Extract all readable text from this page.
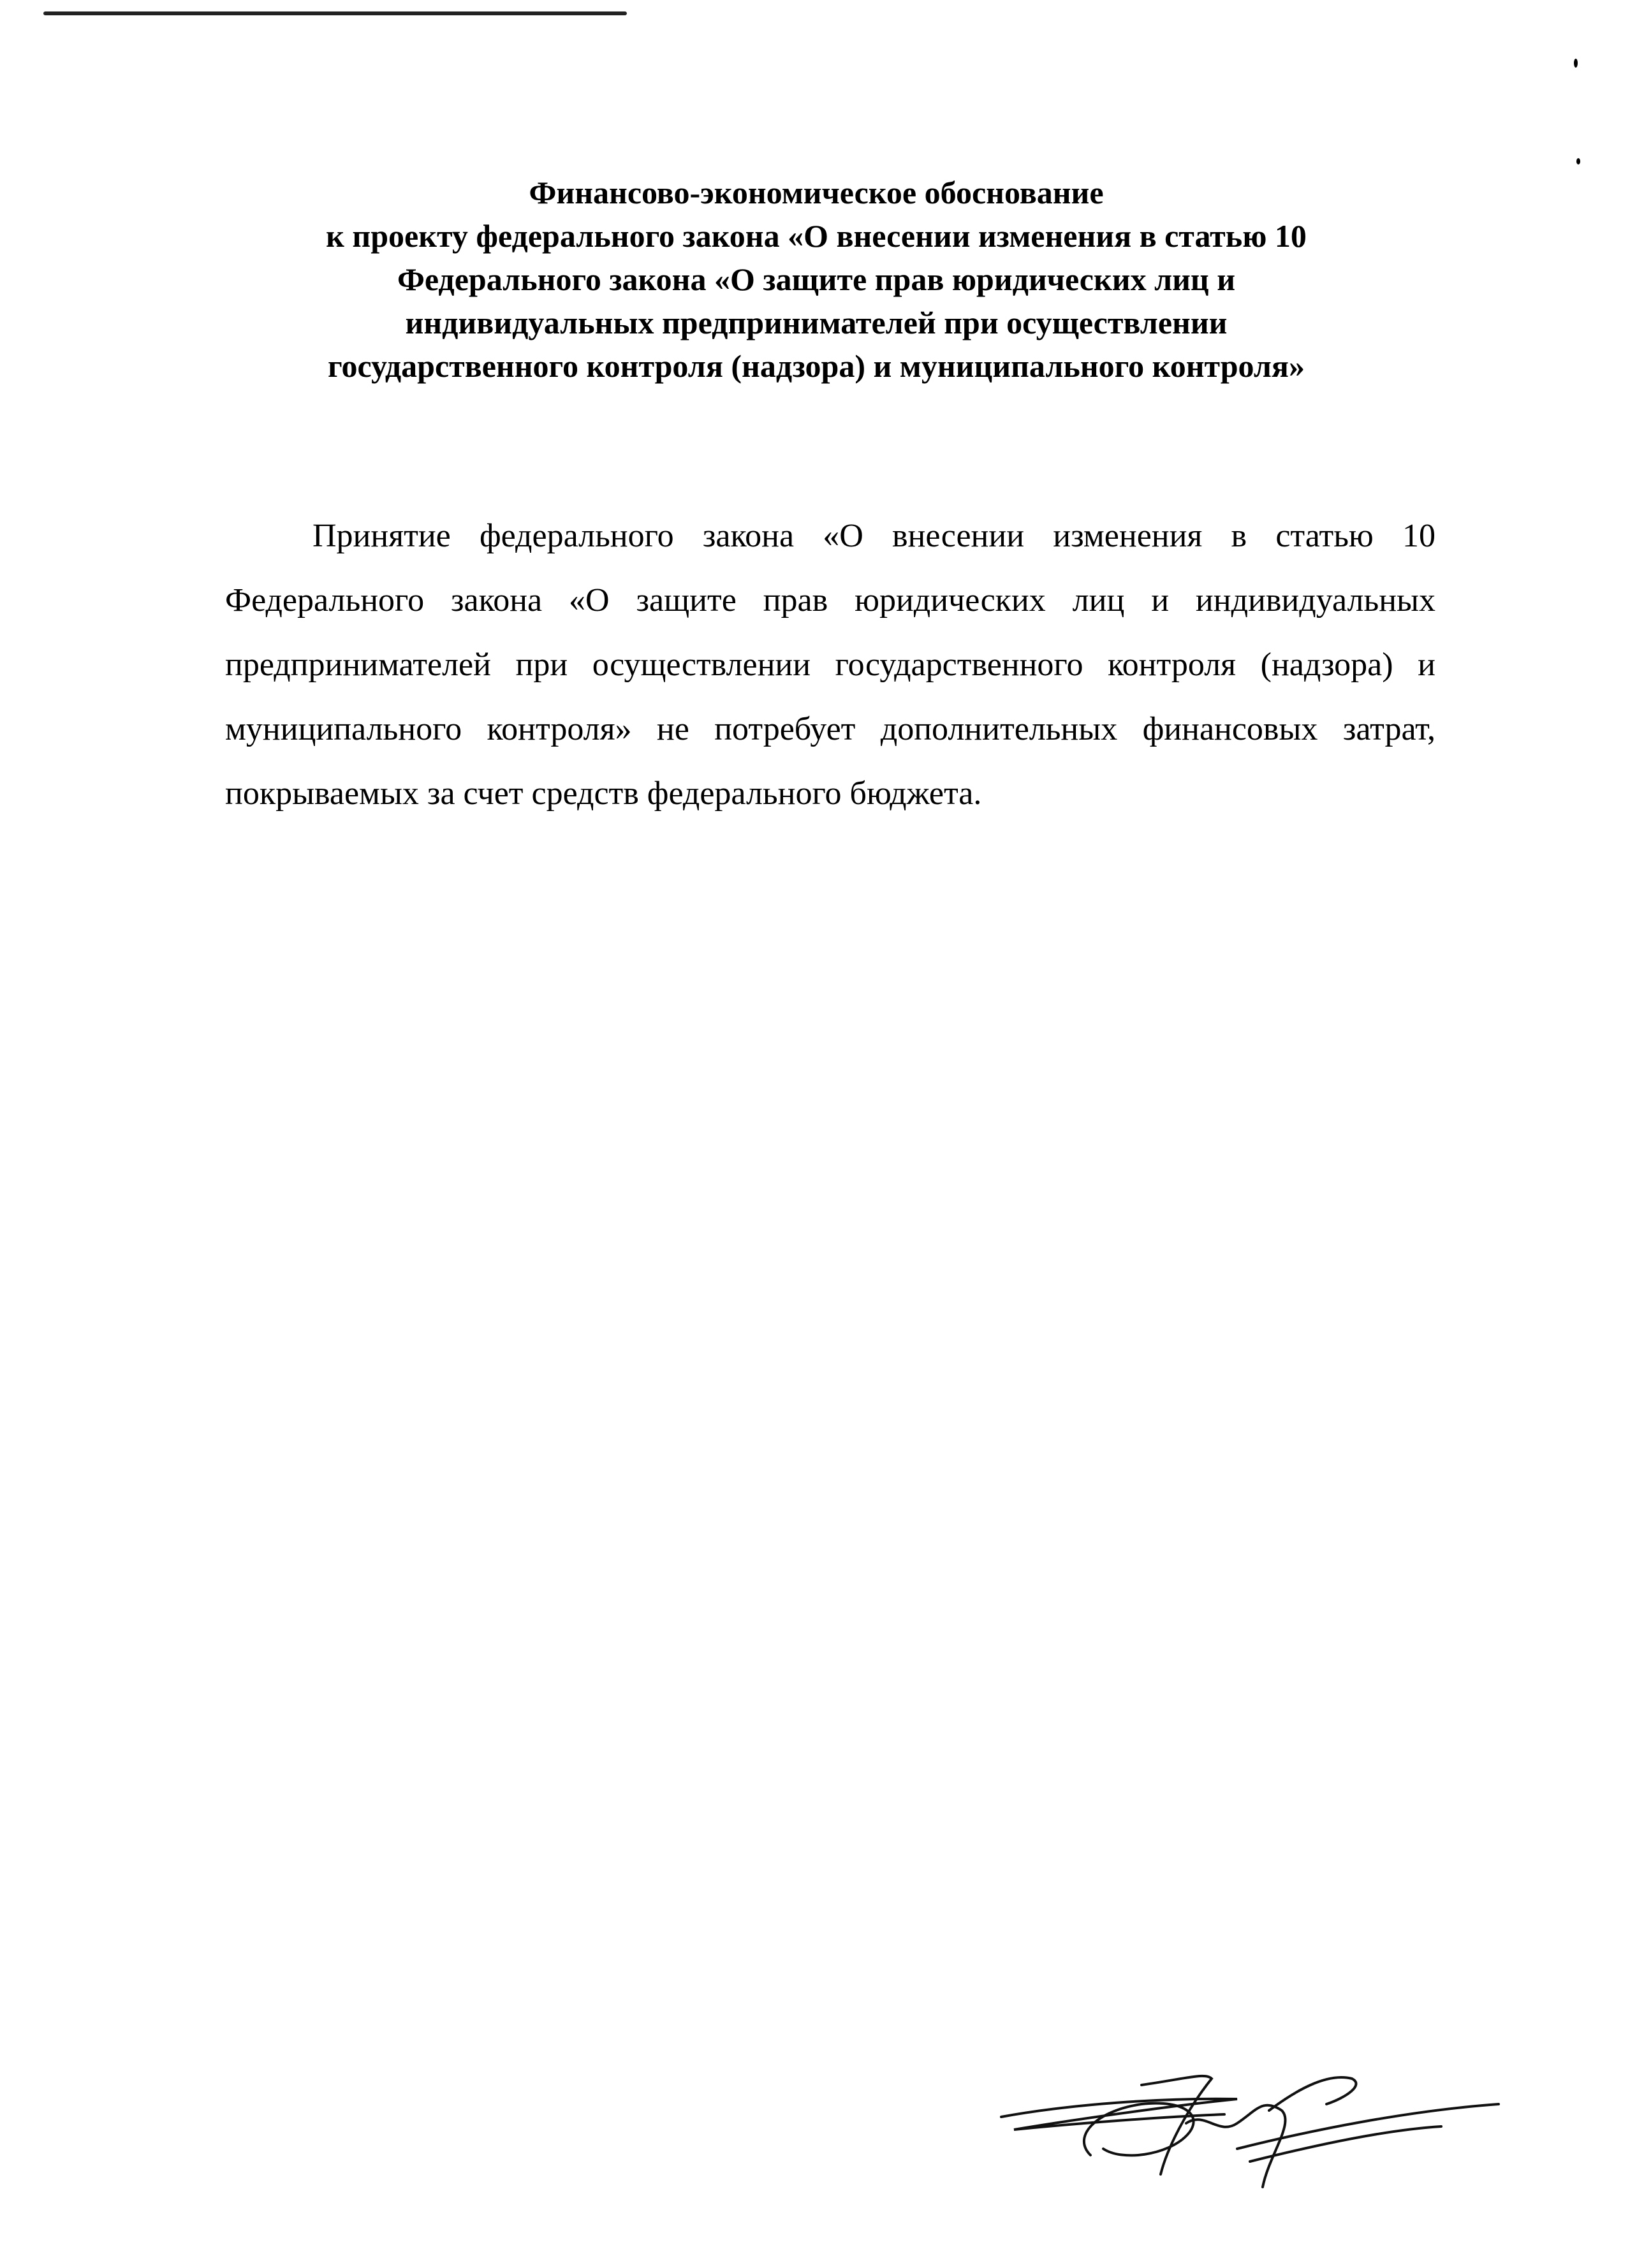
Финансово-экономическое обоснование
к проекту федерального закона «О внесении изменения в статью 10
Федерального закона «О защите прав юридических лиц и
индивидуальных предпринимателей при осуществлении
государственного контроля (надзора) и муниципального контроля»

Принятие федерального закона «О внесении изменения в статью 10 Федерального закона «О защите прав юридических лиц и индивидуальных предпринимателей при осуществлении государственного контроля (надзора) и муниципального контроля» не потребует дополнительных финансовых затрат, покрываемых за счет средств федерального бюджета.
